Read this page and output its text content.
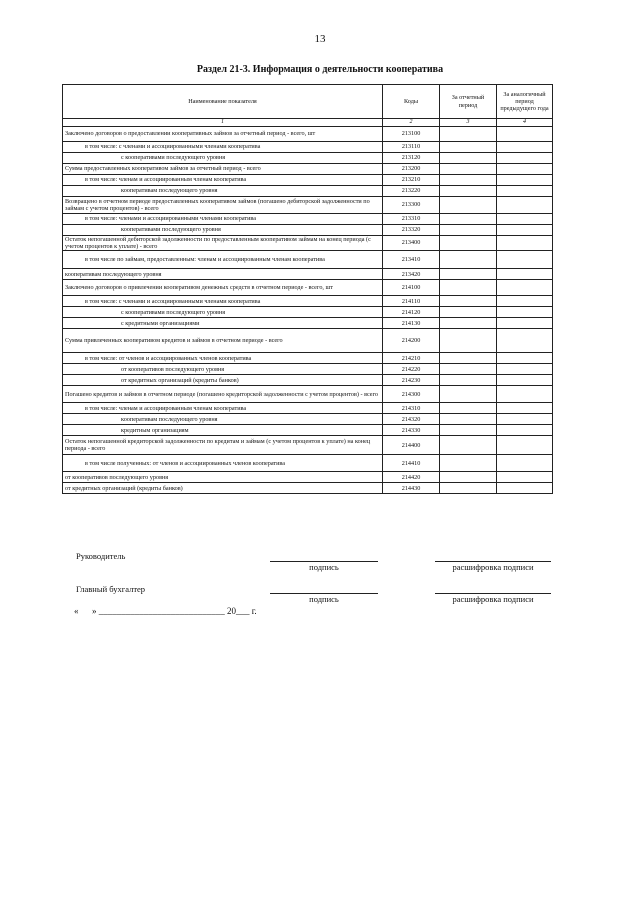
13
Раздел 21-3. Информация о деятельности кооператива
Наименование показателя	Коды	За отчетный период	За аналогичный период предыдущего года
1	2	3	4
Заключено договоров о предоставлении кооперативных займов за отчетный период - всего, шт	213100		
в том числе: с членами и ассоциированными членами кооператива	213110		
с кооперативами последующего уровня	213120		
Сумма предоставленных кооперативом займов за отчетный период - всего	213200		
в том числе: членам и ассоциированным членам кооператива	213210		
кооперативам последующего уровня	213220		
Возвращено в отчетном периоде предоставленных кооперативом займов (погашено дебиторской задолженности по займам с учетом процентов) - всего	213300		
в том числе: членами и ассоциированными членами кооператива	213310		
кооперативами последующего уровня	213320		
Остаток непогашенной дебиторской задолженности по предоставленным кооперативом займам на конец периода (с учетом процентов к уплате) - всего	213400		
в том числе по займам, предоставленным: членам и ассоциированным членам кооператива	213410		
кооперативам последующего уровня	213420		
Заключено договоров о привлечении кооперативом денежных средств в отчетном периоде - всего, шт	214100		
в том числе: с членами и ассоциированными членами кооператива	214110		
с кооперативами последующего уровня	214120		
с кредитными организациями	214130		
Сумма привлеченных кооперативом кредитов и займов в отчетном периоде - всего	214200		
в том числе: от членов и ассоциированных членов кооператива	214210		
от кооперативов последующего уровня	214220		
от кредитных организаций (кредиты банков)	214230		
Погашено кредитов и займов в отчетном периоде (погашено кредиторской задолженности с учетом процентов) - всего	214300		
в том числе: членам и ассоциированным членам кооператива	214310		
кооперативам последующего уровня	214320		
кредитным организациям	214330		
Остаток непогашенной кредиторской задолженности по кредитам и займам (с учетом процентов к уплате) на конец периода - всего	214400		
в том числе полученных: от членов и ассоциированных членов кооператива	214410		
от кооперативов последующего уровня	214420		
от кредитных организаций (кредиты банков)	214430		
Руководитель
подпись	расшифровка подписи
Главный бухгалтер
подпись	расшифровка подписи
«      » ____________________________ 20___ г.
